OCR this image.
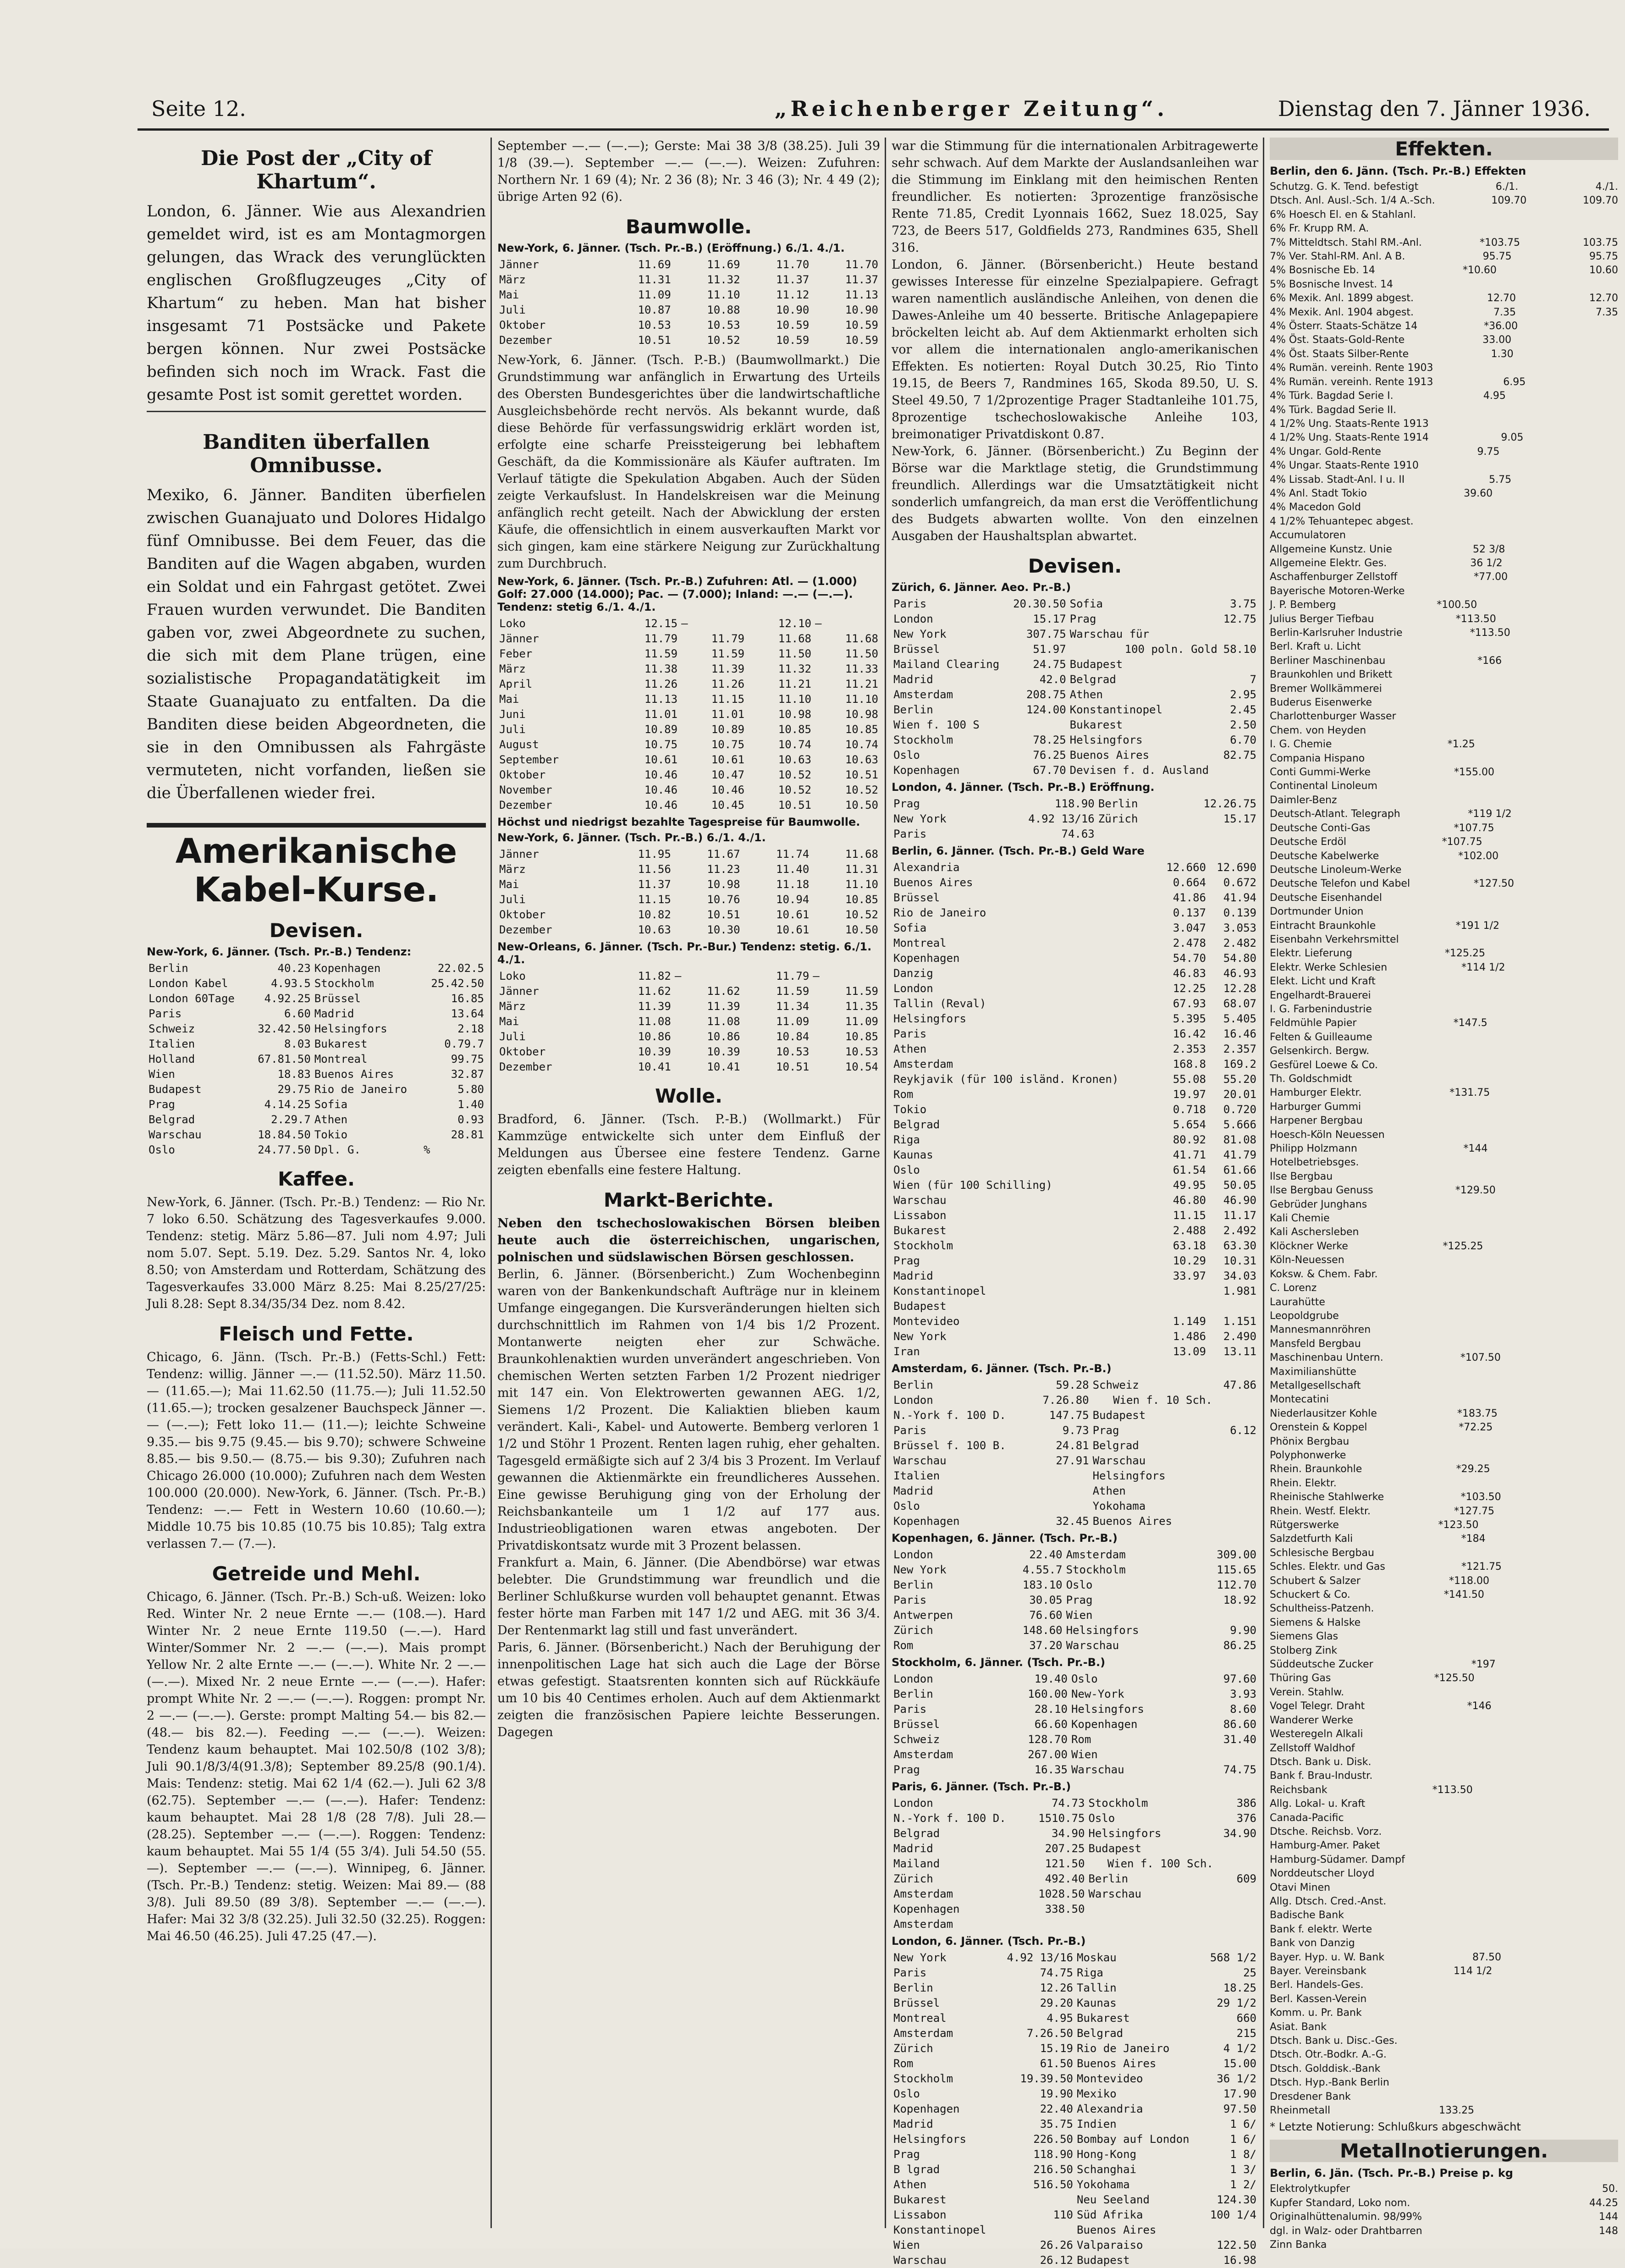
Seite 12.	„Reichenberger Zeitung“.	Dienstag den 7. Jänner 1936.
Die Post der „City of Khartum“.
London, 6. Jänner. Wie aus Alexandrien gemeldet wird, ist es am Montagmorgen gelungen, das Wrack des verunglückten englischen Großflugzeuges „City of Khartum“ zu heben. Man hat bisher insgesamt 71 Postsäcke und Pakete bergen können. Nur zwei Postsäcke befinden sich noch im Wrack. Fast die gesamte Post ist somit gerettet worden.
Banditen überfallen Omnibusse.
Mexiko, 6. Jänner. Banditen überfielen zwischen Guanajuato und Dolores Hidalgo fünf Omnibusse. Bei dem Feuer, das die Banditen auf die Wagen abgaben, wurden ein Soldat und ein Fahrgast getötet. Zwei Frauen wurden verwundet. Die Banditen gaben vor, zwei Abgeordnete zu suchen, die sich mit dem Plane trügen, eine sozialistische Propagandatätigkeit im Staate Guanajuato zu entfalten. Da die Banditen diese beiden Abgeordneten, die sie in den Omnibussen als Fahrgäste vermuteten, nicht vorfanden, ließen sie die Überfallenen wieder frei.
Amerikanische Kabel-Kurse.
Devisen.
New-York, 6. Jänner. (Tsch. Pr.-B.) Tendenz:
Berlin	40.23	Kopenhagen	22.02.5
London Kabel	4.93.5	Stockholm	25.42.50
London 60Tage	4.92.25	Brüssel	16.85
Paris	6.60	Madrid	13.64
Schweiz	32.42.50	Helsingfors	2.18
Italien	8.03	Bukarest	0.79.7
Holland	67.81.50	Montreal	99.75
Wien	18.83	Buenos Aires	32.87
Budapest	29.75	Rio de Janeiro	5.80
Prag	4.14.25	Sofia	1.40
Belgrad	2.29.7	Athen	0.93
Warschau	18.84.50	Tokio	28.81
Oslo	24.77.50	Dpl. G.	%
Kaffee.
New-York, 6. Jänner. (Tsch. Pr.-B.) Tendenz: — Rio Nr. 7 loko 6.50. Schätzung des Tagesverkaufes 9.000. Tendenz: stetig. März 5.86—87. Juli nom 4.97; Juli nom 5.07. Sept. 5.19. Dez. 5.29. Santos Nr. 4, loko 8.50; von Amsterdam und Rotterdam, Schätzung des Tagesverkaufes 33.000 März 8.25: Mai 8.25/27/25: Juli 8.28: Sept 8.34/35/34 Dez. nom 8.42.
Fleisch und Fette.
Chicago, 6. Jänn. (Tsch. Pr.-B.) (Fetts-Schl.) Fett: Tendenz: willig. Jänner —.— (11.52.50). März 11.50.— (11.65.—); Mai 11.62.50 (11.75.—); Juli 11.52.50 (11.65.—); trocken gesalzener Bauchspeck Jänner —.— (—.—); Fett loko 11.— (11.—); leichte Schweine 9.35.— bis 9.75 (9.45.— bis 9.70); schwere Schweine 8.85.— bis 9.50.— (8.75.— bis 9.30); Zufuhren nach Chicago 26.000 (10.000); Zufuhren nach dem Westen 100.000 (20.000). New-York, 6. Jänner. (Tsch. Pr.-B.) Tendenz: —.— Fett in Western 10.60 (10.60.—); Middle 10.75 bis 10.85 (10.75 bis 10.85); Talg extra verlassen 7.— (7.—).
Getreide und Mehl.
Chicago, 6. Jänner. (Tsch. Pr.-B.) Sch-uß. Weizen: loko Red. Winter Nr. 2 neue Ernte —.— (108.—). Hard Winter Nr. 2 neue Ernte 119.50 (—.—). Hard Winter/Sommer Nr. 2 —.— (—.—). Mais prompt Yellow Nr. 2 alte Ernte —.— (—.—). White Nr. 2 —.— (—.—). Mixed Nr. 2 neue Ernte —.— (—.—). Hafer: prompt White Nr. 2 —.— (—.—). Roggen: prompt Nr. 2 —.— (—.—). Gerste: prompt Malting 54.— bis 82.— (48.— bis 82.—). Feeding —.— (—.—). Weizen: Tendenz kaum behauptet. Mai 102.50/8 (102 3/8); Juli 90.1/8/3/4(91.3/8); September 89.25/8 (90.1/4). Mais: Tendenz: stetig. Mai 62 1/4 (62.—). Juli 62 3/8 (62.75). September —.— (—.—). Hafer: Tendenz: kaum behauptet. Mai 28 1/8 (28 7/8). Juli 28.— (28.25). September —.— (—.—). Roggen: Tendenz: kaum behauptet. Mai 55 1/4 (55 3/4). Juli 54.50 (55.—). September —.— (—.—). Winnipeg, 6. Jänner. (Tsch. Pr.-B.) Tendenz: stetig. Weizen: Mai 89.— (88 3/8). Juli 89.50 (89 3/8). September —.— (—.—). Hafer: Mai 32 3/8 (32.25). Juli 32.50 (32.25). Roggen: Mai 46.50 (46.25). Juli 47.25 (47.—).
September —.— (—.—); Gerste: Mai 38 3/8 (38.25). Juli 39 1/8 (39.—). September —.— (—.—). Weizen: Zufuhren: Northern Nr. 1 69 (4); Nr. 2 36 (8); Nr. 3 46 (3); Nr. 4 49 (2); übrige Arten 92 (6).
Baumwolle.
New-York, 6. Jänner. (Tsch. Pr.-B.) (Eröffnung.) 6./1. 4./1.
Jänner	11.69	11.69	11.70	11.70
März	11.31	11.32	11.37	11.37
Mai	11.09	11.10	11.12	11.13
Juli	10.87	10.88	10.90	10.90
Oktober	10.53	10.53	10.59	10.59
Dezember	10.51	10.52	10.59	10.59
New-York, 6. Jänner. (Tsch. P.-B.) (Baumwollmarkt.) Die Grundstimmung war anfänglich in Erwartung des Urteils des Obersten Bundesgerichtes über die landwirtschaftliche Ausgleichsbehörde recht nervös. Als bekannt wurde, daß diese Behörde für verfassungswidrig erklärt worden ist, erfolgte eine scharfe Preissteigerung bei lebhaftem Geschäft, da die Kommissionäre als Käufer auftraten. Im Verlauf tätigte die Spekulation Abgaben. Auch der Süden zeigte Verkaufslust. In Handelskreisen war die Meinung anfänglich recht geteilt. Nach der Abwicklung der ersten Käufe, die offensichtlich in einem ausverkauften Markt vor sich gingen, kam eine stärkere Neigung zur Zurückhaltung zum Durchbruch.
New-York, 6. Jänner. (Tsch. Pr.-B.) Zufuhren: Atl. — (1.000) Golf: 27.000 (14.000); Pac. — (7.000); Inland: —.— (—.—). Tendenz: stetig 6./1. 4./1.
Loko	12.15	—	12.10	—
Jänner	11.79	11.79	11.68	11.68
Feber	11.59	11.59	11.50	11.50
März	11.38	11.39	11.32	11.33
April	11.26	11.26	11.21	11.21
Mai	11.13	11.15	11.10	11.10
Juni	11.01	11.01	10.98	10.98
Juli	10.89	10.89	10.85	10.85
August	10.75	10.75	10.74	10.74
September	10.61	10.61	10.63	10.63
Oktober	10.46	10.47	10.52	10.51
November	10.46	10.46	10.52	10.52
Dezember	10.46	10.45	10.51	10.50
Höchst und niedrigst bezahlte Tagespreise für Baumwolle.
New-York, 6. Jänner. (Tsch. Pr.-B.) 6./1. 4./1.
Jänner	11.95	11.67	11.74	11.68
März	11.56	11.23	11.40	11.31
Mai	11.37	10.98	11.18	11.10
Juli	11.15	10.76	10.94	10.85
Oktober	10.82	10.51	10.61	10.52
Dezember	10.63	10.30	10.61	10.50
New-Orleans, 6. Jänner. (Tsch. Pr.-Bur.) Tendenz: stetig. 6./1. 4./1.
Loko	11.82	—	11.79	—
Jänner	11.62	11.62	11.59	11.59
März	11.39	11.39	11.34	11.35
Mai	11.08	11.08	11.09	11.09
Juli	10.86	10.86	10.84	10.85
Oktober	10.39	10.39	10.53	10.53
Dezember	10.41	10.41	10.51	10.54
Wolle.
Bradford, 6. Jänner. (Tsch. P.-B.) (Wollmarkt.) Für Kammzüge entwickelte sich unter dem Einfluß der Meldungen aus Übersee eine festere Tendenz. Garne zeigten ebenfalls eine festere Haltung.
Markt-Berichte.
Neben den tschechoslowakischen Börsen bleiben heute auch die österreichischen, ungarischen, polnischen und südslawischen Börsen geschlossen.
Berlin, 6. Jänner. (Börsenbericht.) Zum Wochenbeginn waren von der Bankenkundschaft Aufträge nur in kleinem Umfange eingegangen. Die Kursveränderungen hielten sich durchschnittlich im Rahmen von 1/4 bis 1/2 Prozent. Montanwerte neigten eher zur Schwäche. Braunkohlenaktien wurden unverändert angeschrieben. Von chemischen Werten setzten Farben 1/2 Prozent niedriger mit 147 ein. Von Elektrowerten gewannen AEG. 1/2, Siemens 1/2 Prozent. Die Kaliaktien blieben kaum verändert. Kali-, Kabel- und Autowerte. Bemberg verloren 1 1/2 und Stöhr 1 Prozent. Renten lagen ruhig, eher gehalten. Tagesgeld ermäßigte sich auf 2 3/4 bis 3 Prozent. Im Verlauf gewannen die Aktienmärkte ein freundlicheres Aussehen. Eine gewisse Beruhigung ging von der Erholung der Reichsbankanteile um 1 1/2 auf 177 aus. Industrieobligationen waren etwas angeboten. Der Privatdiskontsatz wurde mit 3 Prozent belassen.
Frankfurt a. Main, 6. Jänner. (Die Abendbörse) war etwas belebter. Die Grundstimmung war freundlich und die Berliner Schlußkurse wurden voll behauptet genannt. Etwas fester hörte man Farben mit 147 1/2 und AEG. mit 36 3/4. Der Rentenmarkt lag still und fast unverändert.
Paris, 6. Jänner. (Börsenbericht.) Nach der Beruhigung der innenpolitischen Lage hat sich auch die Lage der Börse etwas gefestigt. Staatsrenten konnten sich auf Rückkäufe um 10 bis 40 Centimes erholen. Auch auf dem Aktienmarkt zeigten die französischen Papiere leichte Besserungen. Dagegen
war die Stimmung für die internationalen Arbitragewerte sehr schwach. Auf dem Markte der Auslandsanleihen war die Stimmung im Einklang mit den heimischen Renten freundlicher. Es notierten: 3prozentige französische Rente 71.85, Credit Lyonnais 1662, Suez 18.025, Say 723, de Beers 517, Goldfields 273, Randmines 635, Shell 316.
London, 6. Jänner. (Börsenbericht.) Heute bestand gewisses Interesse für einzelne Spezialpapiere. Gefragt waren namentlich ausländische Anleihen, von denen die Dawes-Anleihe um 40 besserte. Britische Anlagepapiere bröckelten leicht ab. Auf dem Aktienmarkt erholten sich vor allem die internationalen anglo-amerikanischen Effekten. Es notierten: Royal Dutch 30.25, Rio Tinto 19.15, de Beers 7, Randmines 165, Skoda 89.50, U. S. Steel 49.50, 7 1/2prozentige Prager Stadtanleihe 101.75, 8prozentige tschechoslowakische Anleihe 103, breimonatiger Privatdiskont 0.87.
New-York, 6. Jänner. (Börsenbericht.) Zu Beginn der Börse war die Marktlage stetig, die Grundstimmung freundlich. Allerdings war die Umsatztätigkeit nicht sonderlich umfangreich, da man erst die Veröffentlichung des Budgets abwarten wollte. Von den einzelnen Ausgaben der Haushaltsplan abwartet.
Devisen.
Zürich, 6. Jänner. Aeo. Pr.-B.)
Paris	20.30.50	Sofia	3.75
London	15.17	Prag	12.75
New York	307.75	Warschau für	
Brüssel	51.97	100 poln. Gold	58.10
Mailand Clearing	24.75	Budapest	
Madrid	42.0	Belgrad	7
Amsterdam	208.75	Athen	2.95
Berlin	124.00	Konstantinopel	2.45
Wien f. 100 S		Bukarest	2.50
Stockholm	78.25	Helsingfors	6.70
Oslo	76.25	Buenos Aires	82.75
Kopenhagen	67.70	Devisen f. d. Ausland	
London, 4. Jänner. (Tsch. Pr.-B.) Eröffnung.
Prag	118.90	Berlin	12.26.75
New York	4.92 13/16	Zürich	15.17
Paris	74.63		
Berlin, 6. Jänner. (Tsch. Pr.-B.) Geld Ware
Alexandria	12.660	12.690
Buenos Aires	0.664	0.672
Brüssel	41.86	41.94
Rio de Janeiro	0.137	0.139
Sofia	3.047	3.053
Montreal	2.478	2.482
Kopenhagen	54.70	54.80
Danzig	46.83	46.93
London	12.25	12.28
Tallin (Reval)	67.93	68.07
Helsingfors	5.395	5.405
Paris	16.42	16.46
Athen	2.353	2.357
Amsterdam	168.8	169.2
Reykjavik (für 100 isländ. Kronen)	55.08	55.20
Rom	19.97	20.01
Tokio	0.718	0.720
Belgrad	5.654	5.666
Riga	80.92	81.08
Kaunas	41.71	41.79
Oslo	61.54	61.66
Wien (für 100 Schilling)	49.95	50.05
Warschau	46.80	46.90
Lissabon	11.15	11.17
Bukarest	2.488	2.492
Stockholm	63.18	63.30
Prag	10.29	10.31
Madrid	33.97	34.03
Konstantinopel		1.981
Budapest		
Montevideo	1.149	1.151
New York	1.486	2.490
Iran	13.09	13.11
Amsterdam, 6. Jänner. (Tsch. Pr.-B.)
Berlin	59.28	Schweiz	47.86
London	7.26.80	Wien f. 10 Sch.	
N.-York f. 100 D.	147.75	Budapest	
Paris	9.73	Prag	6.12
Brüssel f. 100 B.	24.81	Belgrad	
Warschau	27.91	Warschau	
Italien		Helsingfors	
Madrid		Athen	
Oslo		Yokohama	
Kopenhagen	32.45	Buenos Aires	
Kopenhagen, 6. Jänner. (Tsch. Pr.-B.)
London	22.40	Amsterdam	309.00
New York	4.55.7	Stockholm	115.65
Berlin	183.10	Oslo	112.70
Paris	30.05	Prag	18.92
Antwerpen	76.60	Wien	
Zürich	148.60	Helsingfors	9.90
Rom	37.20	Warschau	86.25
Stockholm, 6. Jänner. (Tsch. Pr.-B.)
London	19.40	Oslo	97.60
Berlin	160.00	New-York	3.93
Paris	28.10	Helsingfors	8.60
Brüssel	66.60	Kopenhagen	86.60
Schweiz	128.70	Rom	31.40
Amsterdam	267.00	Wien	
Prag	16.35	Warschau	74.75
Paris, 6. Jänner. (Tsch. Pr.-B.)
London	74.73	Stockholm	386
N.-York f. 100 D.	1510.75	Oslo	376
Belgrad	34.90	Helsingfors	34.90
Madrid	207.25	Budapest	
Mailand	121.50	Wien f. 100 Sch.	
Zürich	492.40	Berlin	609
Amsterdam	1028.50	Warschau	
Kopenhagen	338.50		
Amsterdam			
London, 6. Jänner. (Tsch. Pr.-B.)
New York	4.92 13/16	Moskau	568 1/2
Paris	74.75	Riga	25
Berlin	12.26	Tallin	18.25
Brüssel	29.20	Kaunas	29 1/2
Montreal	4.95	Bukarest	660
Amsterdam	7.26.50	Belgrad	215
Zürich	15.19	Rio de Janeiro	4 1/2
Rom	61.50	Buenos Aires	15.00
Stockholm	19.39.50	Montevideo	36 1/2
Oslo	19.90	Mexiko	17.90
Kopenhagen	22.40	Alexandria	97.50
Madrid	35.75	Indien	1 6/
Helsingfors	226.50	Bombay auf London	1 6/
Prag	118.90	Hong-Kong	1 8/
B lgrad	216.50	Schanghai	1 3/
Athen	516.50	Yokohama	1 2/
Bukarest		Neu Seeland	124.30
Lissabon	110	Süd Afrika	100 1/4
Konstantinopel		Buenos Aires	
Wien	26.26	Valparaiso	122.50
Warschau	26.12	Budapest	16.98
Effekten.
Berlin, den 6. Jänn. (Tsch. Pr.-B.) Effekten
Schutzg. G. K. Tend. befestigt	6./1.	4./1.
Dtsch. Anl. Ausl.-Sch. 1/4 A.-Sch.	109.70	109.70
6% Hoesch El. en & Stahlanl.
6% Fr. Krupp RM. A.
7% Mitteldtsch. Stahl RM.-Anl.	*103.75	103.75
7% Ver. Stahl-RM. Anl. A B.	95.75	95.75
4% Bosnische Eb. 14	*10.60	10.60
5% Bosnische Invest. 14
6% Mexik. Anl. 1899 abgest.	12.70	12.70
4% Mexik. Anl. 1904 abgest.	7.35	7.35
4% Österr. Staats-Schätze 14	*36.00
4% Öst. Staats-Gold-Rente	33.00
4% Öst. Staats Silber-Rente	1.30
4% Rumän. vereinh. Rente 1903
4% Rumän. vereinh. Rente 1913	6.95
4% Türk. Bagdad Serie I.	4.95
4% Türk. Bagdad Serie II.
4 1/2% Ung. Staats-Rente 1913
4 1/2% Ung. Staats-Rente 1914	9.05
4% Ungar. Gold-Rente	9.75
4% Ungar. Staats-Rente 1910
4% Lissab. Stadt-Anl. I u. II	5.75
4% Anl. Stadt Tokio	39.60
4% Macedon Gold
4 1/2% Tehuantepec abgest.
Accumulatoren
Allgemeine Kunstz. Unie	52 3/8
Allgemeine Elektr. Ges.	36 1/2
Aschaffenburger Zellstoff	*77.00
Bayerische Motoren-Werke
J. P. Bemberg	*100.50
Julius Berger Tiefbau	*113.50
Berlin-Karlsruher Industrie	*113.50
Berl. Kraft u. Licht
Berliner Maschinenbau	*166
Braunkohlen und Brikett
Bremer Wollkämmerei
Buderus Eisenwerke
Charlottenburger Wasser
Chem. von Heyden
I. G. Chemie	*1.25
Compania Hispano
Conti Gummi-Werke	*155.00
Continental Linoleum
Daimler-Benz
Deutsch-Atlant. Telegraph	*119 1/2
Deutsche Conti-Gas	*107.75
Deutsche Erdöl	*107.75
Deutsche Kabelwerke	*102.00
Deutsche Linoleum-Werke
Deutsche Telefon und Kabel	*127.50
Deutsche Eisenhandel
Dortmunder Union
Eintracht Braunkohle	*191 1/2
Eisenbahn Verkehrsmittel
Elektr. Lieferung	*125.25
Elektr. Werke Schlesien	*114 1/2
Elekt. Licht und Kraft
Engelhardt-Brauerei
I. G. Farbenindustrie
Feldmühle Papier	*147.5
Felten & Guilleaume
Gelsenkirch. Bergw.
Gesfürel Loewe & Co.
Th. Goldschmidt
Hamburger Elektr.	*131.75
Harburger Gummi
Harpener Bergbau
Hoesch-Köln Neuessen
Philipp Holzmann	*144
Hotelbetriebsges.
Ilse Bergbau
Ilse Bergbau Genuss	*129.50
Gebrüder Junghans
Kali Chemie
Kali Aschersleben
Klöckner Werke	*125.25
Köln-Neuessen
Koksw. & Chem. Fabr.
C. Lorenz
Laurahütte
Leopoldgrube
Mannesmannröhren
Mansfeld Bergbau
Maschinenbau Untern.	*107.50
Maximilianshütte
Metallgesellschaft
Montecatini
Niederlausitzer Kohle	*183.75
Orenstein & Koppel	*72.25
Phönix Bergbau
Polyphonwerke
Rhein. Braunkohle	*29.25
Rhein. Elektr.
Rheinische Stahlwerke	*103.50
Rhein. Westf. Elektr.	*127.75
Rütgerswerke	*123.50
Salzdetfurth Kali	*184
Schlesische Bergbau
Schles. Elektr. und Gas	*121.75
Schubert & Salzer	*118.00
Schuckert & Co.	*141.50
Schultheiss-Patzenh.
Siemens & Halske
Siemens Glas
Stolberg Zink
Süddeutsche Zucker	*197
Thüring Gas	*125.50
Verein. Stahlw.
Vogel Telegr. Draht	*146
Wanderer Werke
Westeregeln Alkali
Zellstoff Waldhof
Dtsch. Bank u. Disk.
Bank f. Brau-Industr.
Reichsbank	*113.50
Allg. Lokal- u. Kraft
Canada-Pacific
Dtsche. Reichsb. Vorz.
Hamburg-Amer. Paket
Hamburg-Südamer. Dampf
Norddeutscher Lloyd
Otavi Minen
Allg. Dtsch. Cred.-Anst.
Badische Bank
Bank f. elektr. Werte
Bank von Danzig
Bayer. Hyp. u. W. Bank	87.50
Bayer. Vereinsbank	114 1/2
Berl. Handels-Ges.
Berl. Kassen-Verein
Komm. u. Pr. Bank
Asiat. Bank
Dtsch. Bank u. Disc.-Ges.
Dtsch. Otr.-Bodkr. A.-G.
Dtsch. Golddisk.-Bank
Dtsch. Hyp.-Bank Berlin
Dresdener Bank
Rheinmetall	133.25
* Letzte Notierung: Schlußkurs abgeschwächt
Metallnotierungen.
Berlin, 6. Jän. (Tsch. Pr.-B.) Preise p. kg
Elektrolytkupfer	50.
Kupfer Standard, Loko nom.	44.25
Originalhüttenalumin. 98/99%	144
dgl. in Walz- oder Drahtbarren	148
Zinn Banka
